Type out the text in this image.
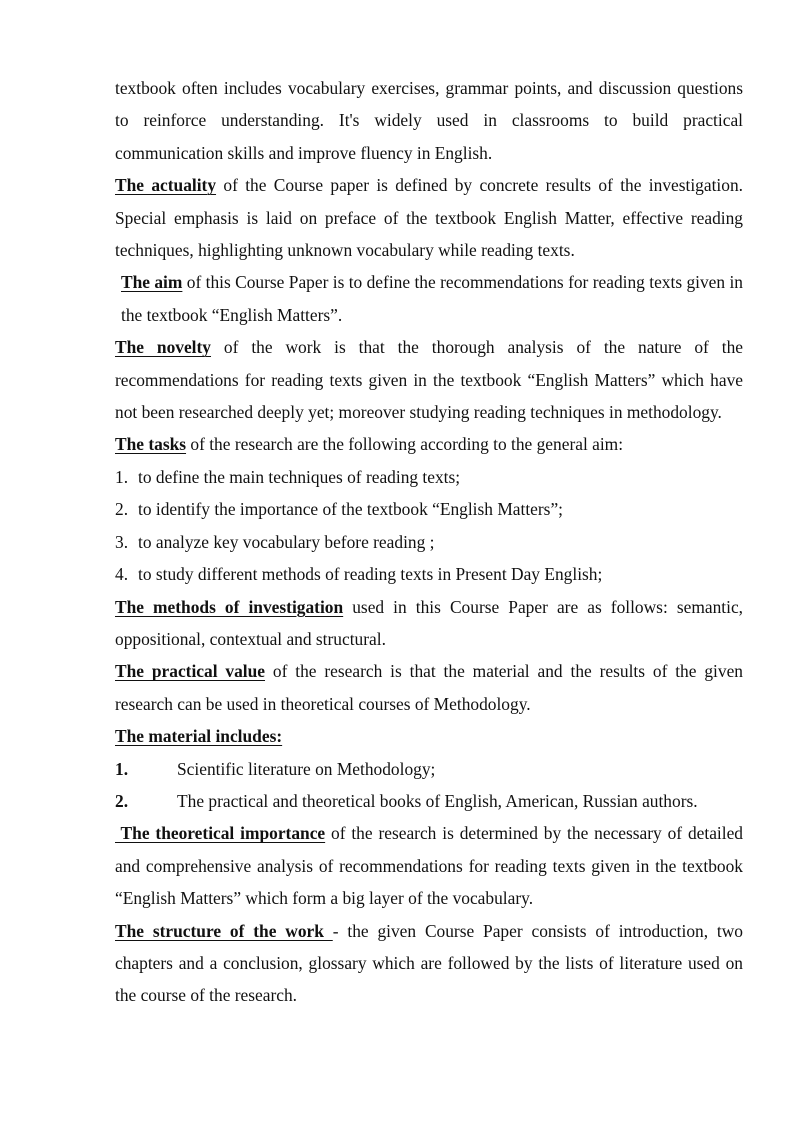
textbook often includes vocabulary exercises, grammar points, and discussion questions to reinforce understanding. It's widely used in classrooms to build practical communication skills and improve fluency in English.

The actuality of the Course paper is defined by concrete results of the investigation. Special emphasis is laid on preface of the textbook English Matter, effective reading techniques, highlighting unknown vocabulary while reading texts.

The aim of this Course Paper is to define the recommendations for reading texts given in the textbook “English Matters”.

The novelty of the work is that the thorough analysis of the nature of the recommendations for reading texts given in the textbook “English Matters” which have not been researched deeply yet; moreover studying reading techniques in methodology.

The tasks of the research are the following according to the general aim:

1. to define the main techniques of reading texts;

2. to identify the importance of the textbook “English Matters”;

3. to analyze key vocabulary before reading ;

4. to study different methods of reading texts in Present Day English;

The methods of investigation used in this Course Paper are as follows: semantic, oppositional, contextual and structural.

The practical value of the research is that the material and the results of the given research can be used in theoretical courses of Methodology.

The material includes:

1.	Scientific literature on Methodology;

2.	The practical and theoretical books of English, American, Russian authors.

The theoretical importance of the research is determined by the necessary of detailed and comprehensive analysis of recommendations for reading texts given in the textbook “English Matters” which form a big layer of the vocabulary.

The structure of the work - the given Course Paper consists of introduction, two chapters and a conclusion, glossary which are followed by the lists of literature used on the course of the research.
